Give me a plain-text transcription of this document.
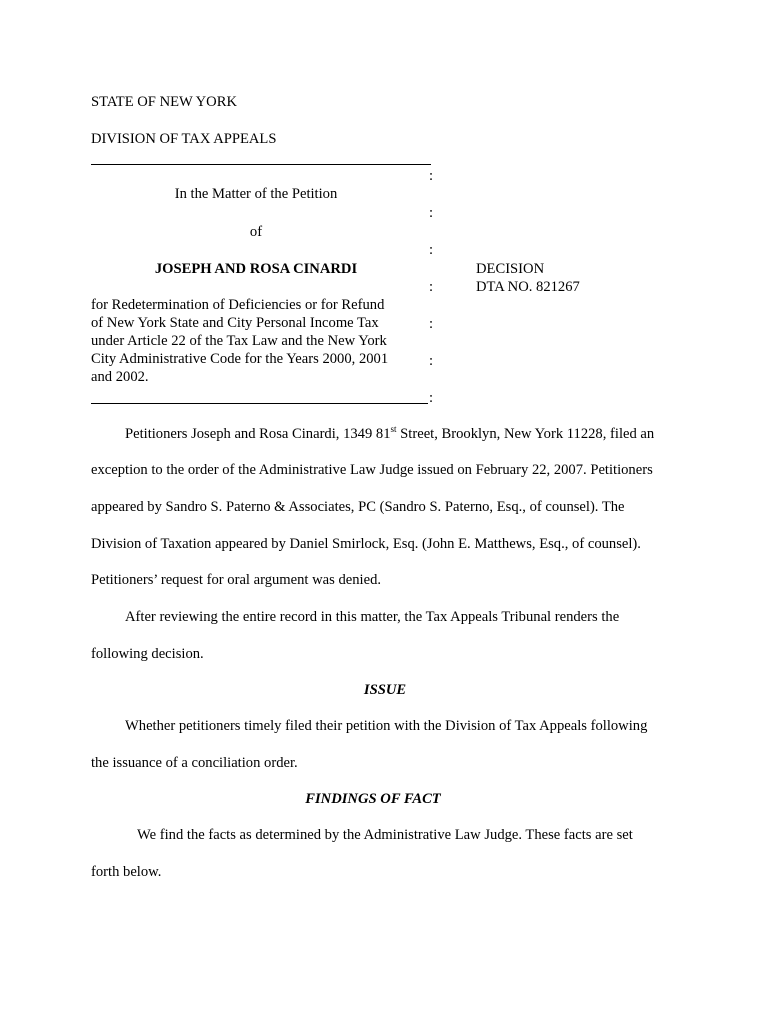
STATE OF NEW YORK
DIVISION OF TAX APPEALS
In the Matter of the Petition
of
JOSEPH AND ROSA CINARDI
for Redetermination of Deficiencies or for Refund
of New York State and City Personal Income Tax
under Article 22 of the Tax Law and the New York
City Administrative Code for the Years 2000, 2001
and 2002.
:
:
:
:
:
:
:
DECISION
DTA NO. 821267
Petitioners Joseph and Rosa Cinardi, 1349 81st Street, Brooklyn, New York 11228, filed an
exception to the order of the Administrative Law Judge issued on February 22, 2007. Petitioners
appeared by Sandro S. Paterno & Associates, PC (Sandro S. Paterno, Esq., of counsel). The
Division of Taxation appeared by Daniel Smirlock, Esq. (John E. Matthews, Esq., of counsel).
Petitioners’ request for oral argument was denied.
After reviewing the entire record in this matter, the Tax Appeals Tribunal renders the
following decision.
ISSUE
Whether petitioners timely filed their petition with the Division of Tax Appeals following
the issuance of a conciliation order.
FINDINGS OF FACT
We find the facts as determined by the Administrative Law Judge. These facts are set
forth below.
